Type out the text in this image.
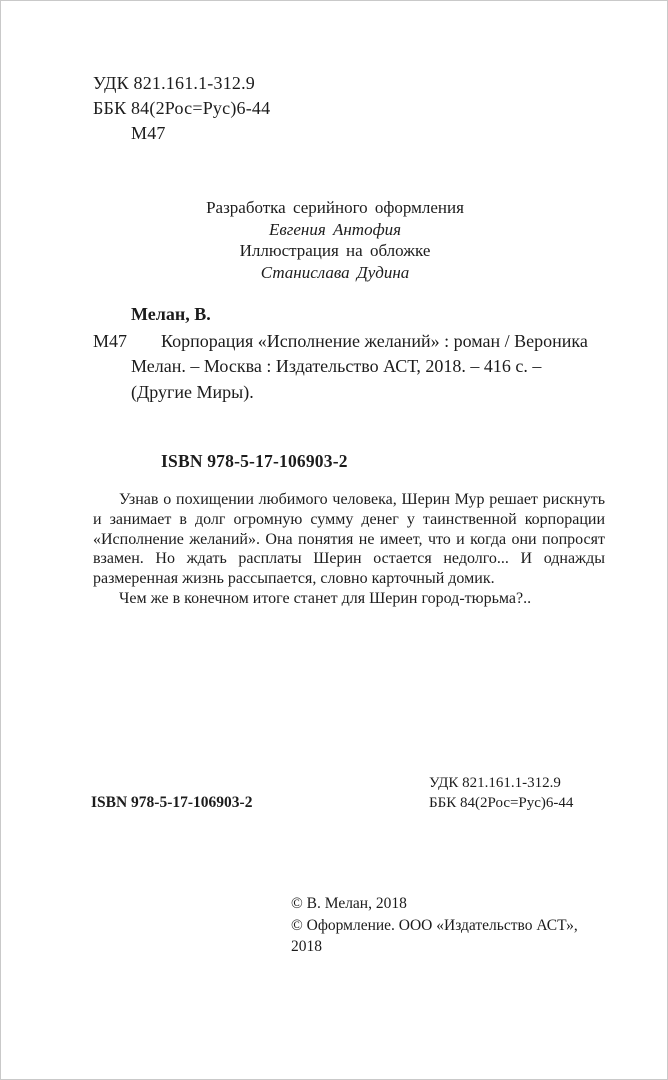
УДК 821.161.1-312.9
ББК 84(2Рос=Рус)6-44
М47
Разработка серийного оформления
Евгения Антофия
Иллюстрация на обложке
Станислава Дудина
Мелан, В.
М47	Корпорация «Исполнение желаний» : роман / Вероника Мелан. – Москва : Издательство АСТ, 2018. – 416 с. – (Другие Миры).
ISBN 978-5-17-106903-2

Узнав о похищении любимого человека, Шерин Мур решает рискнуть и занимает в долг огромную сумму денег у таинственной корпорации «Исполнение желаний». Она понятия не имеет, что и когда они попросят взамен. Но ждать расплаты Шерин остается недолго... И однажды размеренная жизнь рассыпается, словно карточный домик.

Чем же в конечном итоге станет для Шерин город-тюрьма?..

УДК 821.161.1-312.9
ББК 84(2Рос=Рус)6-44
ISBN 978-5-17-106903-2
© В. Мелан, 2018
© Оформление. ООО «Издательство АСТ», 2018
